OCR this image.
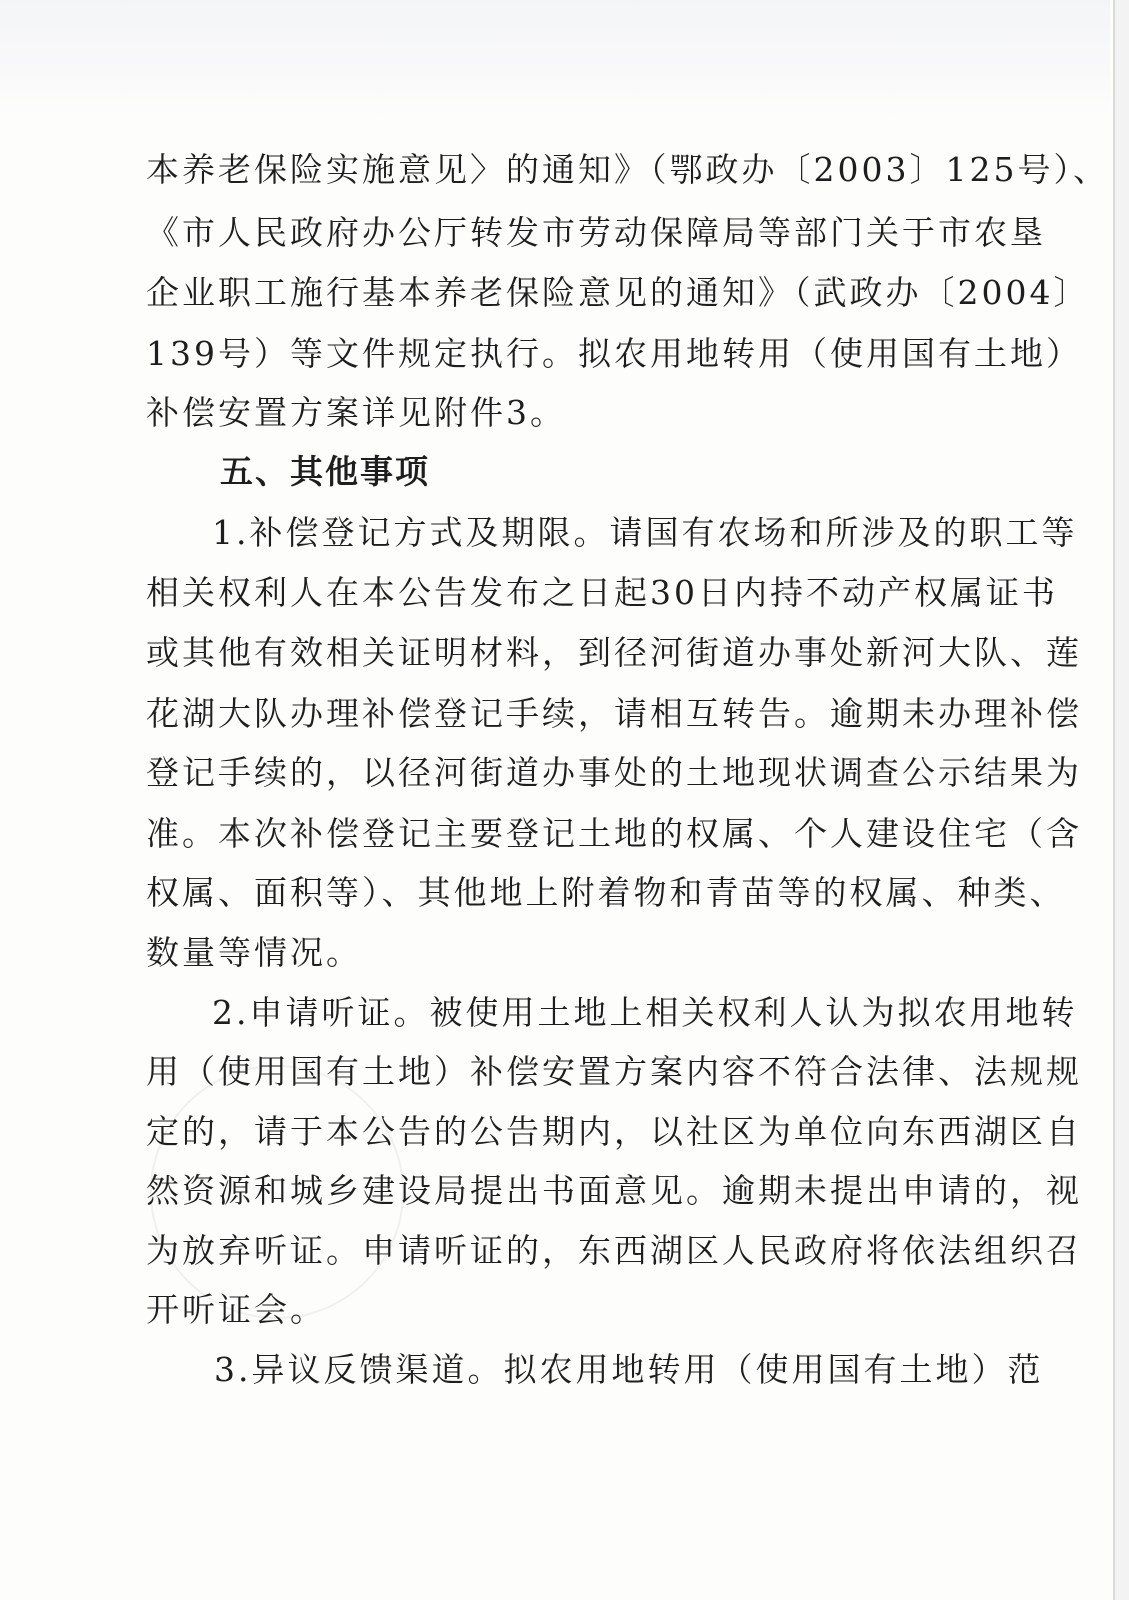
本养老保险实施意见〉的通知》（鄂政办〔2003〕125号）、
《市人民政府办公厅转发市劳动保障局等部门关于市农垦
企业职工施行基本养老保险意见的通知》（武政办〔2004〕
139号）等文件规定执行。拟农用地转用（使用国有土地）
补偿安置方案详见附件3。
五、其他事项
1.补偿登记方式及期限。请国有农场和所涉及的职工等
相关权利人在本公告发布之日起30日内持不动产权属证书
或其他有效相关证明材料，到径河街道办事处新河大队、莲
花湖大队办理补偿登记手续，请相互转告。逾期未办理补偿
登记手续的，以径河街道办事处的土地现状调查公示结果为
准。本次补偿登记主要登记土地的权属、个人建设住宅（含
权属、面积等）、其他地上附着物和青苗等的权属、种类、
数量等情况。
2.申请听证。被使用土地上相关权利人认为拟农用地转
用（使用国有土地）补偿安置方案内容不符合法律、法规规
定的，请于本公告的公告期内，以社区为单位向东西湖区自
然资源和城乡建设局提出书面意见。逾期未提出申请的，视
为放弃听证。申请听证的，东西湖区人民政府将依法组织召
开听证会。
3.异议反馈渠道。拟农用地转用（使用国有土地）范
